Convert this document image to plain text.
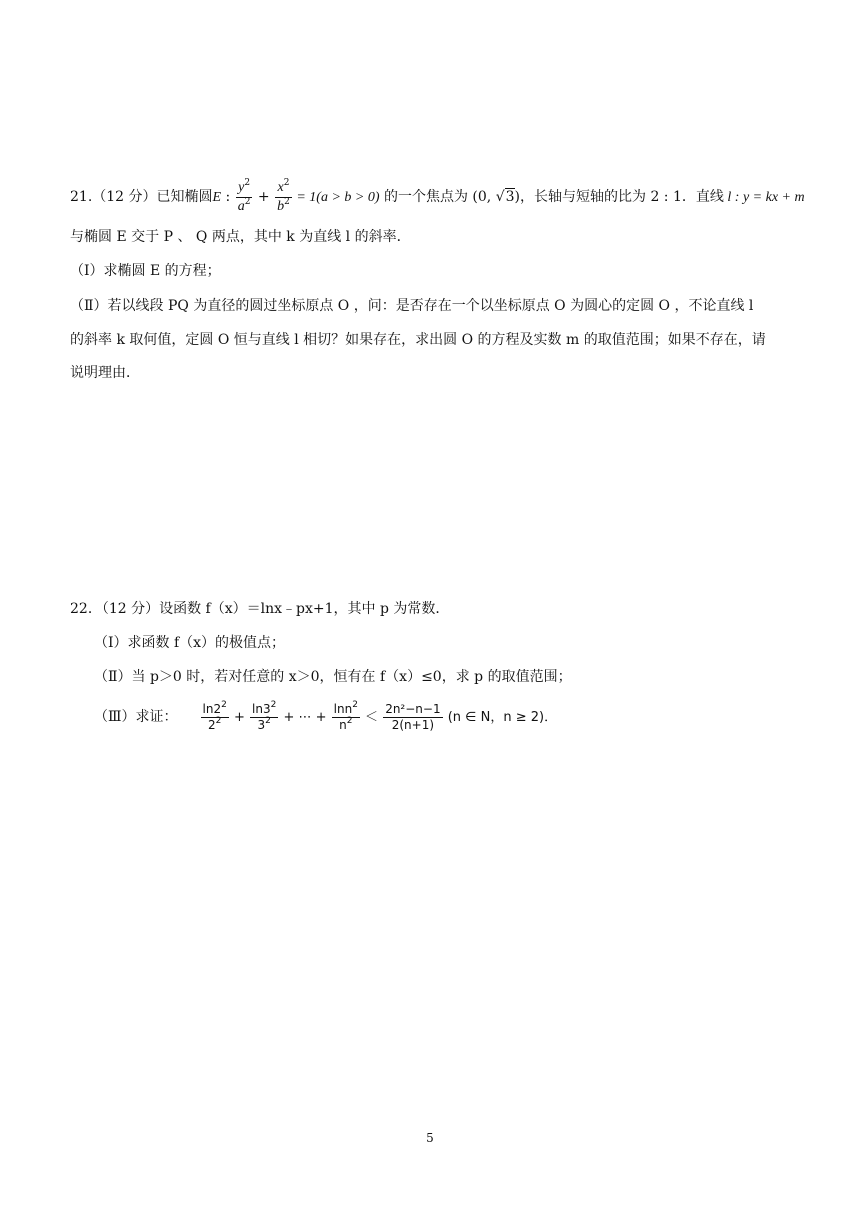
21.（12 分）已知椭圆E : $\frac{y^2}{a^2} + \frac{x^2}{b^2} = 1(a > b > 0)$ 的一个焦点为 (0, √3)，长轴与短轴的比为 2 : 1．直线 l : y = kx + m
与椭圆 E 交于 P 、 Q 两点，其中 k 为直线 l 的斜率．
（Ⅰ）求椭圆 E 的方程；
（Ⅱ）若以线段 PQ 为直径的圆过坐标原点 O ，问：是否存在一个以坐标原点 O 为圆心的定圆 O ，不论直线 l
的斜率 k 取何值，定圆 O 恒与直线 l 相切？如果存在，求出圆 O 的方程及实数 m 的取值范围；如果不存在，请
说明理由．
22．（12 分）设函数 f（x）＝lnx﹣px+1，其中 p 为常数．
（Ⅰ）求函数 f（x）的极值点；
（Ⅱ）当 p＞0 时，若对任意的 x＞0，恒有在 f（x）≤0，求 p 的取值范围；
（Ⅲ）求证： $\frac{\ln 2^2}{2^2} + \frac{\ln 3^2}{3^2}$ + ⋯ + $\frac{\ln n^2}{n^2} < \frac{\text{2n²−n−1}}{2(n+1)} (n$ ∈ N，n ≥ 2)．
5
